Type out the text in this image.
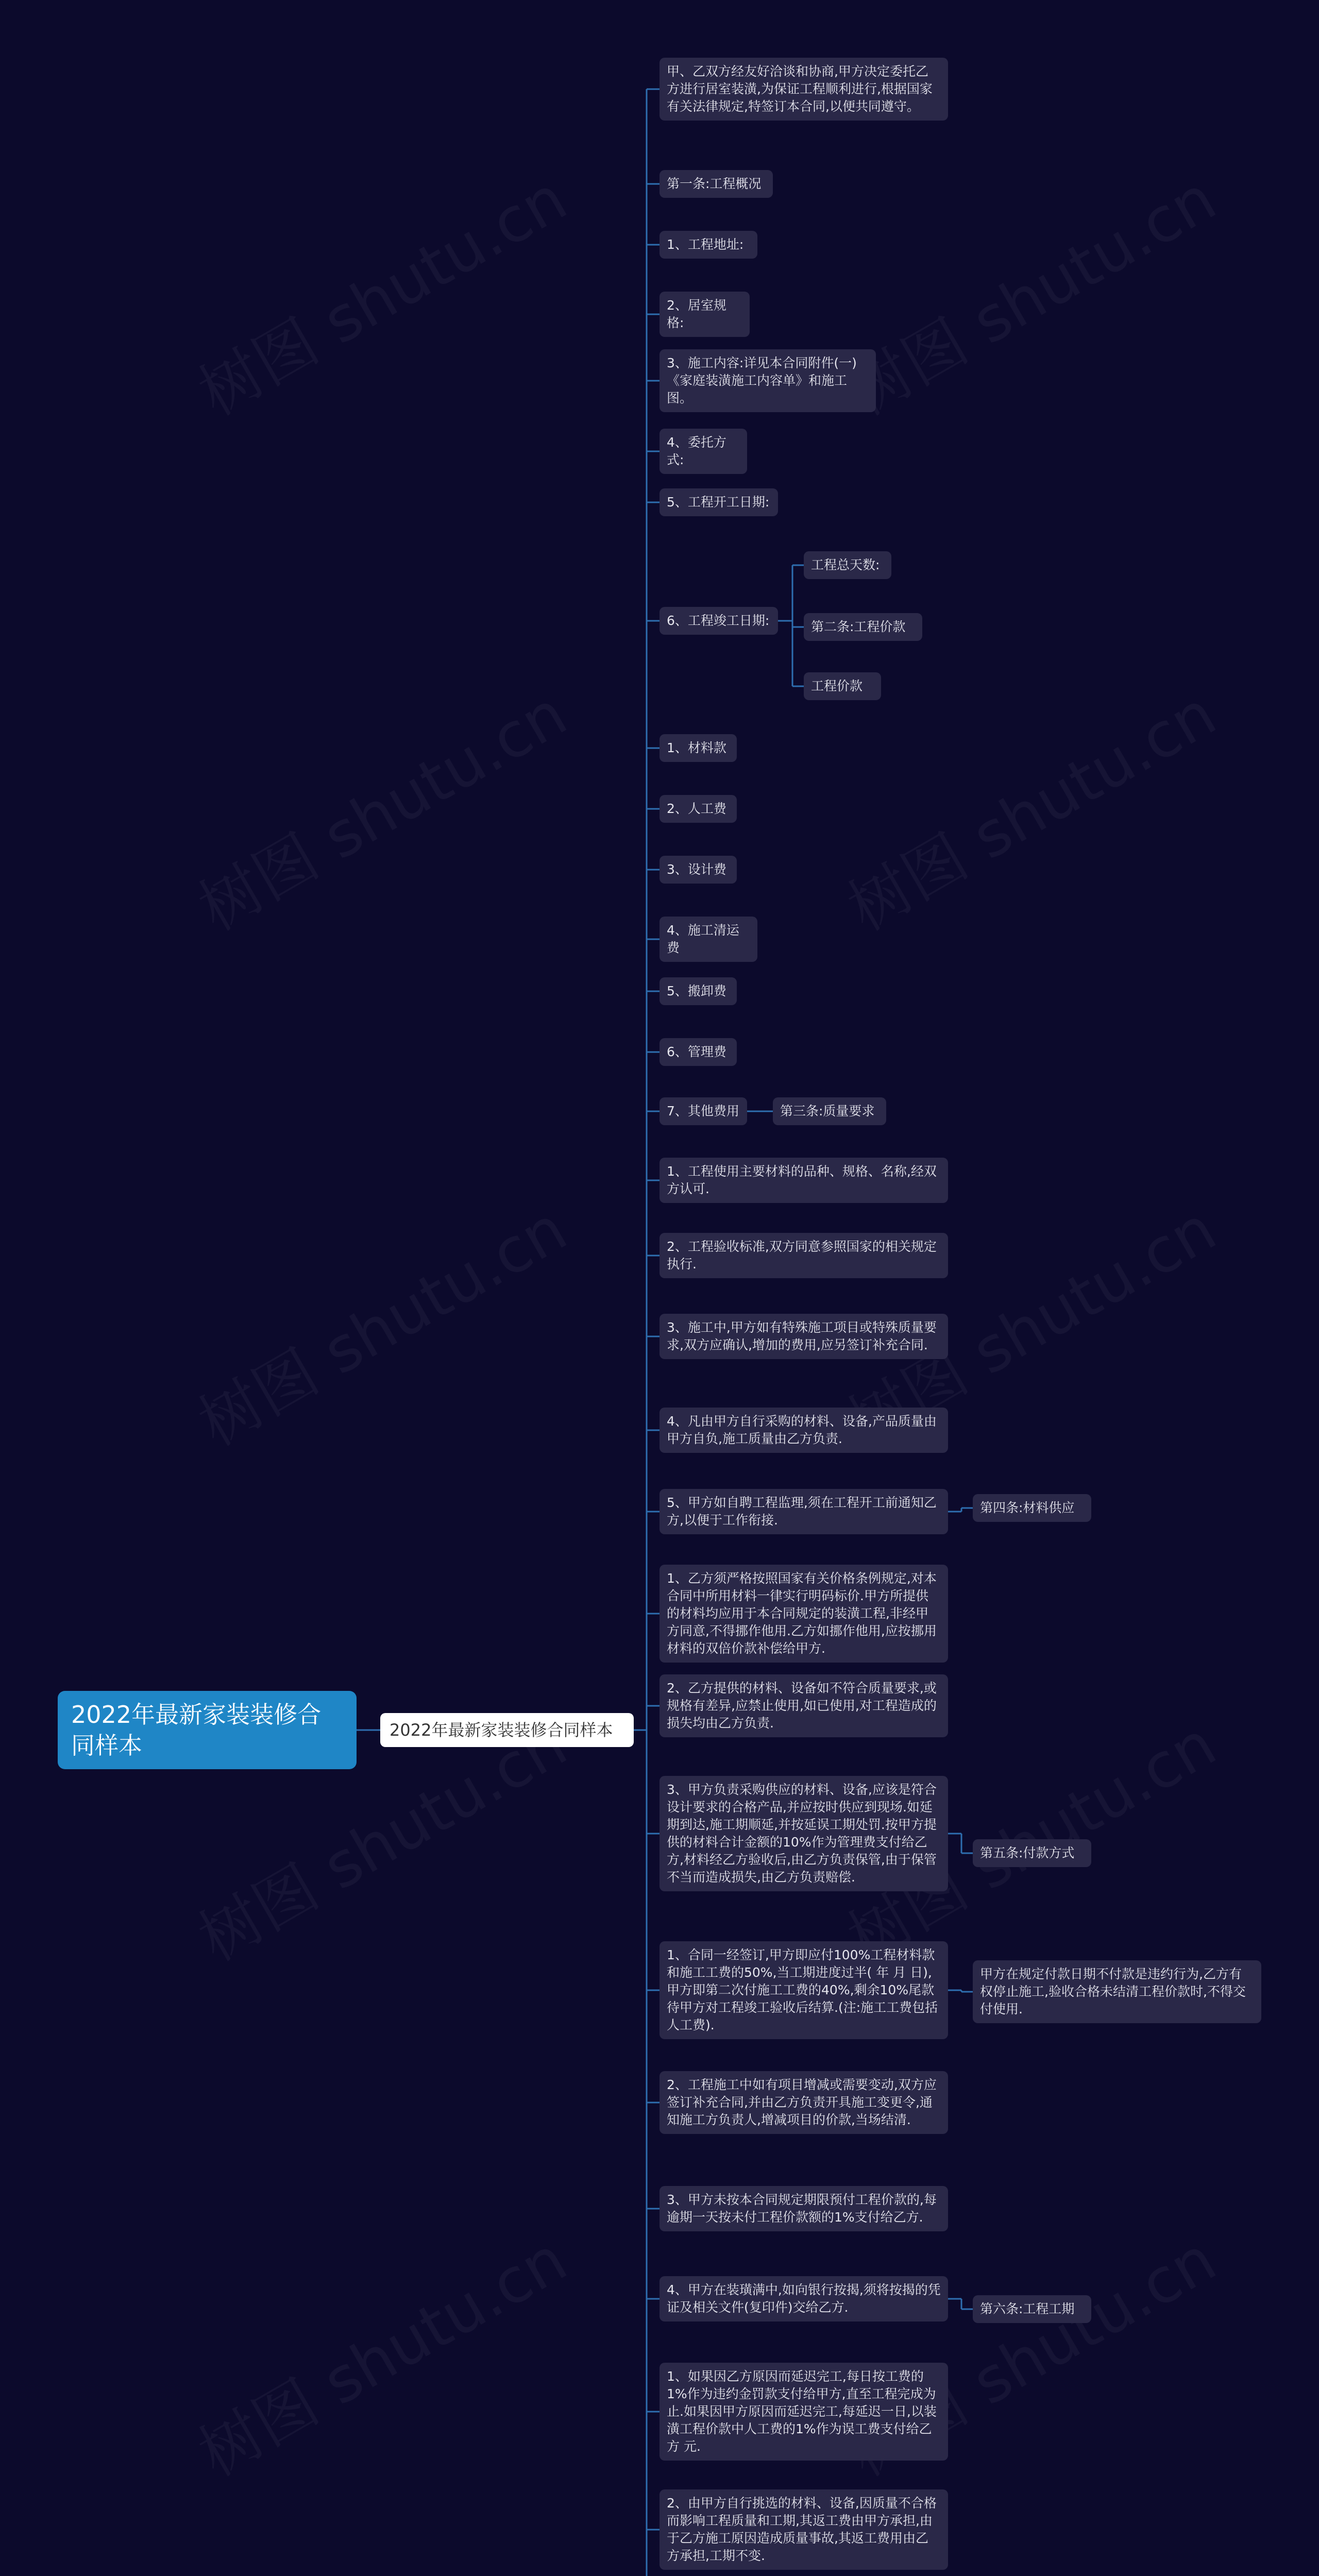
2022年最新家装装修合同样本
2022年最新家装装修合同样本
甲、乙双方经友好洽谈和协商,甲方决定委托乙方进行居室装潢,为保证工程顺利进行,根据国家有关法律规定,特签订本合同,以便共同遵守。
第一条:工程概况
1、工程地址:
2、居室规格:
3、施工内容:详见本合同附件(一)《家庭装潢施工内容单》和施工图。
4、委托方式:
5、工程开工日期:
6、工程竣工日期:
工程总天数:
第二条:工程价款
工程价款
1、材料款
2、人工费
3、设计费
4、施工清运费
5、搬卸费
6、管理费
7、其他费用	第三条:质量要求
1、工程使用主要材料的品种、规格、名称,经双方认可.
2、工程验收标准,双方同意参照国家的相关规定执行.
3、施工中,甲方如有特殊施工项目或特殊质量要求,双方应确认,增加的费用,应另签订补充合同.
4、凡由甲方自行采购的材料、设备,产品质量由甲方自负,施工质量由乙方负责.
5、甲方如自聘工程监理,须在工程开工前通知乙方,以便于工作衔接.
第四条:材料供应
1、乙方须严格按照国家有关价格条例规定,对本合同中所用材料一律实行明码标价.甲方所提供的材料均应用于本合同规定的装潢工程,非经甲方同意,不得挪作他用.乙方如挪作他用,应按挪用材料的双倍价款补偿给甲方.
2、乙方提供的材料、设备如不符合质量要求,或规格有差异,应禁止使用,如已使用,对工程造成的损失均由乙方负责.
3、甲方负责采购供应的材料、设备,应该是符合设计要求的合格产品,并应按时供应到现场.如延期到达,施工期顺延,并按延误工期处罚.按甲方提供的材料合计金额的10%作为管理费支付给乙方,材料经乙方验收后,由乙方负责保管,由于保管不当而造成损失,由乙方负责赔偿.
第五条:付款方式
1、合同一经签订,甲方即应付100%工程材料款和施工工费的50%,当工期进度过半( 年 月 日),甲方即第二次付施工工费的40%,剩余10%尾款待甲方对工程竣工验收后结算.(注:施工工费包括人工费).
甲方在规定付款日期不付款是违约行为,乙方有权停止施工,验收合格未结清工程价款时,不得交付使用.
2、工程施工中如有项目增减或需要变动,双方应签订补充合同,并由乙方负责开具施工变更令,通知施工方负责人,增减项目的价款,当场结清.
3、甲方未按本合同规定期限预付工程价款的,每逾期一天按未付工程价款额的1%支付给乙方.
4、甲方在装璜满中,如向银行按揭,须将按揭的凭证及相关文件(复印件)交给乙方.	第六条:工程工期
1、如果因乙方原因而延迟完工,每日按工费的1%作为违约金罚款支付给甲方,直至工程完成为止.如果因甲方原因而延迟完工,每延迟一日,以装潢工程价款中人工费的1%作为误工费支付给乙方 元.
2、由甲方自行挑选的材料、设备,因质量不合格而影响工程质量和工期,其返工费由甲方承担,由于乙方施工原因造成质量事故,其返工费用由乙方承担,工期不变.
